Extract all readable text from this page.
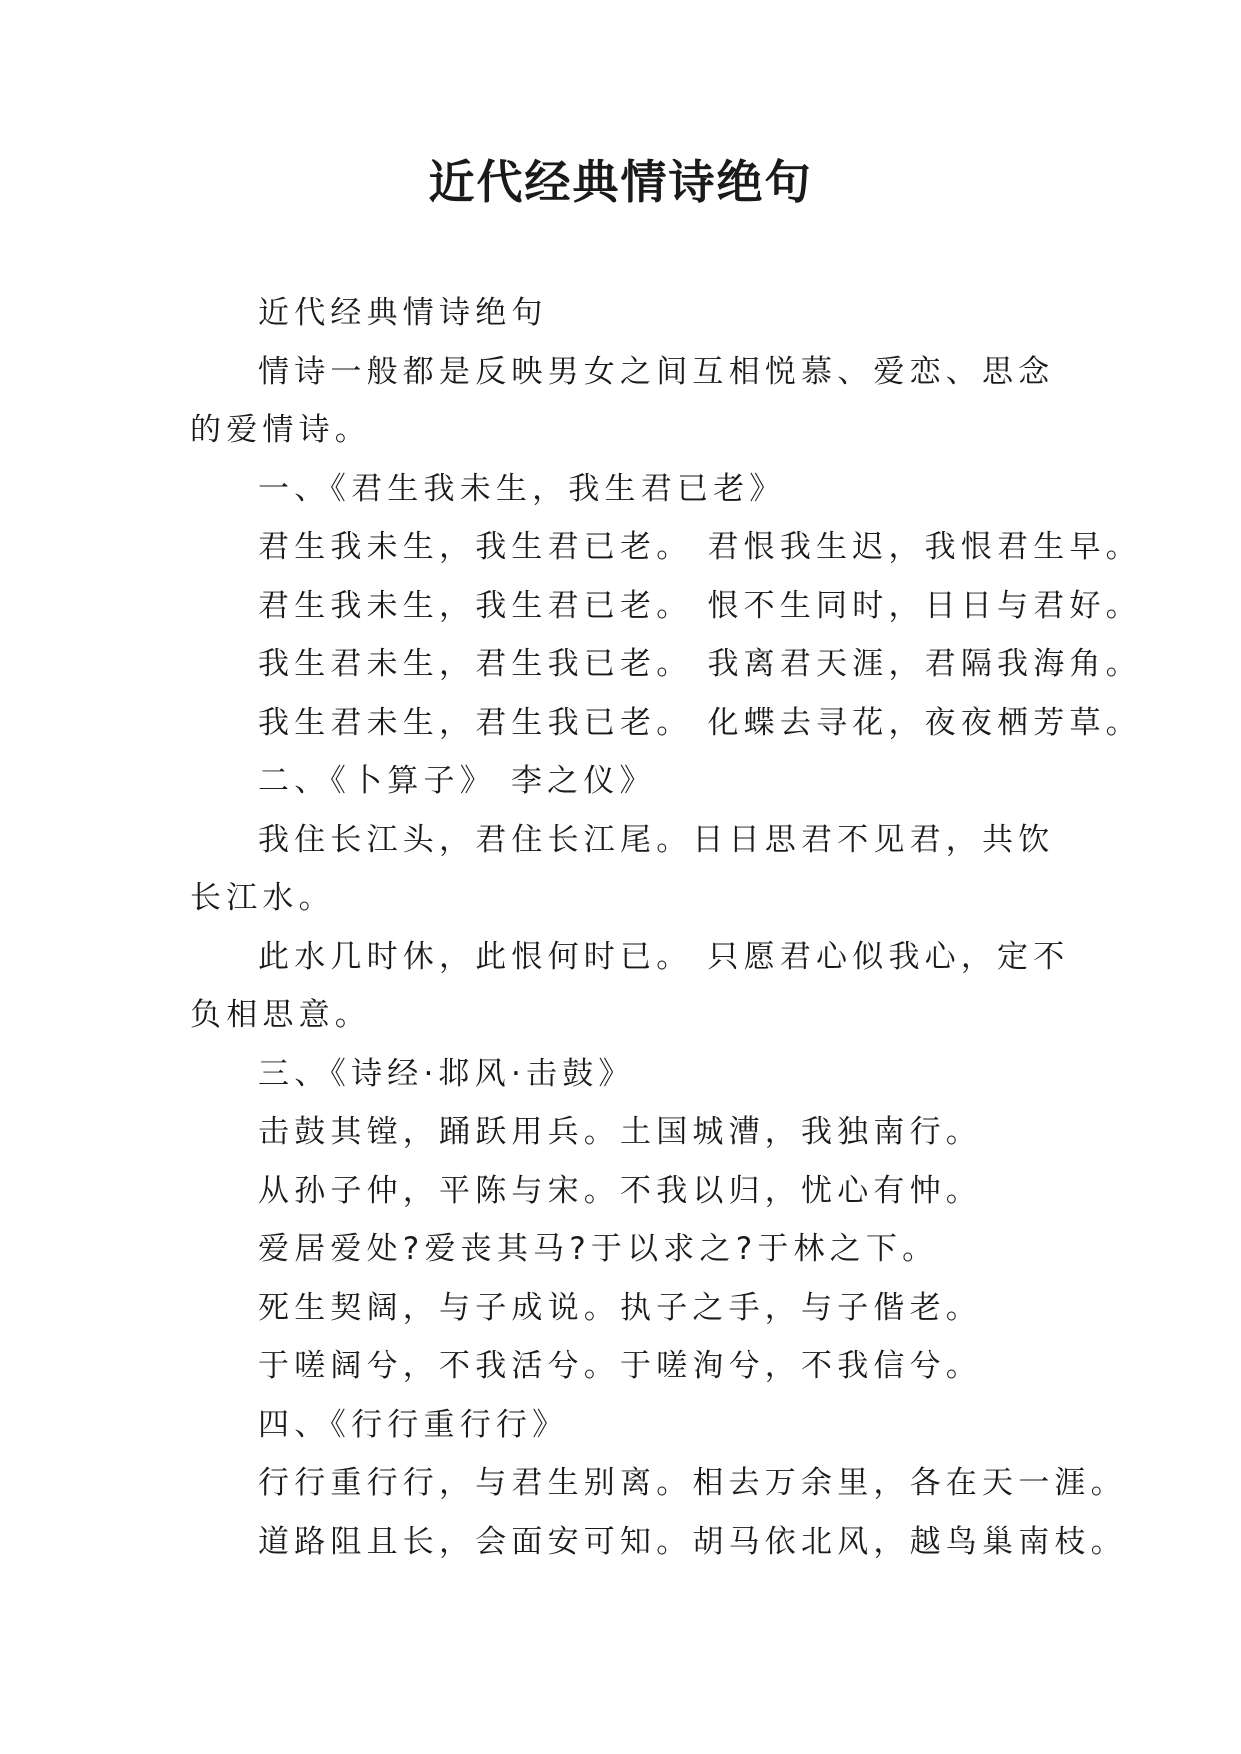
近代经典情诗绝句

近代经典情诗绝句

情诗一般都是反映男女之间互相悦慕、爱恋、思念的爱情诗。

一、《君生我未生，我生君已老》

君生我未生，我生君已老。 君恨我生迟，我恨君生早。

君生我未生，我生君已老。 恨不生同时，日日与君好。

我生君未生，君生我已老。 我离君天涯，君隔我海角。

我生君未生，君生我已老。 化蝶去寻花，夜夜栖芳草。

二、《卜算子》 李之仪》

我住长江头，君住长江尾。日日思君不见君，共饮长江水。

此水几时休，此恨何时已。 只愿君心似我心，定不负相思意。

三、《诗经·邶风·击鼓》

击鼓其镗，踊跃用兵。土国城漕，我独南行。

从孙子仲，平陈与宋。不我以归，忧心有忡。

爱居爱处?爱丧其马?于以求之?于林之下。

死生契阔，与子成说。执子之手，与子偕老。

于嗟阔兮，不我活兮。于嗟洵兮，不我信兮。

四、《行行重行行》

行行重行行，与君生别离。相去万余里，各在天一涯。

道路阻且长，会面安可知。胡马依北风，越鸟巢南枝。
